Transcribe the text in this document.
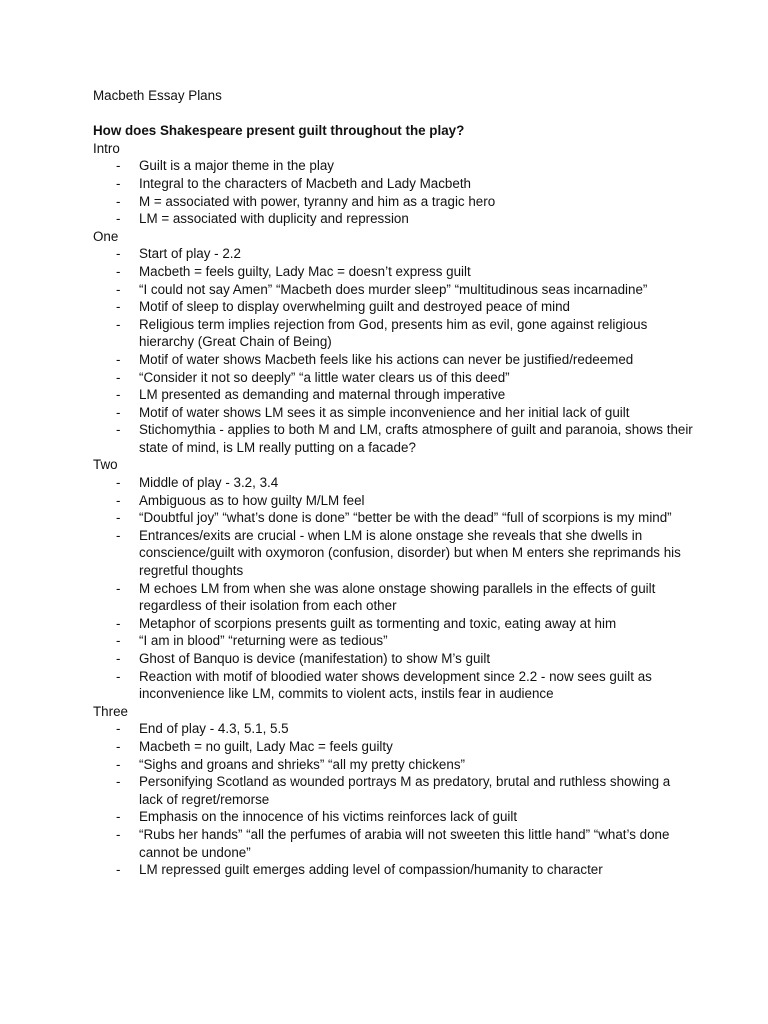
Macbeth Essay Plans

How does Shakespeare present guilt throughout the play?

Intro

- Guilt is a major theme in the play
- Integral to the characters of Macbeth and Lady Macbeth
- M = associated with power, tyranny and him as a tragic hero
- LM = associated with duplicity and repression

One

- Start of play - 2.2
- Macbeth = feels guilty, Lady Mac = doesn’t express guilt
- “I could not say Amen” “Macbeth does murder sleep” “multitudinous seas incarnadine”
- Motif of sleep to display overwhelming guilt and destroyed peace of mind
- Religious term implies rejection from God, presents him as evil, gone against religious hierarchy (Great Chain of Being)
- Motif of water shows Macbeth feels like his actions can never be justified/redeemed
- “Consider it not so deeply” “a little water clears us of this deed”
- LM presented as demanding and maternal through imperative
- Motif of water shows LM sees it as simple inconvenience and her initial lack of guilt
- Stichomythia - applies to both M and LM, crafts atmosphere of guilt and paranoia, shows their state of mind, is LM really putting on a facade?

Two

- Middle of play - 3.2, 3.4
- Ambiguous as to how guilty M/LM feel
- “Doubtful joy” “what’s done is done” “better be with the dead” “full of scorpions is my mind”
- Entrances/exits are crucial - when LM is alone onstage she reveals that she dwells in conscience/guilt with oxymoron (confusion, disorder) but when M enters she reprimands his regretful thoughts
- M echoes LM from when she was alone onstage showing parallels in the effects of guilt regardless of their isolation from each other
- Metaphor of scorpions presents guilt as tormenting and toxic, eating away at him
- “I am in blood” “returning were as tedious”
- Ghost of Banquo is device (manifestation) to show M’s guilt
- Reaction with motif of bloodied water shows development since 2.2 - now sees guilt as inconvenience like LM, commits to violent acts, instils fear in audience

Three

- End of play - 4.3, 5.1, 5.5
- Macbeth = no guilt, Lady Mac = feels guilty
- “Sighs and groans and shrieks” “all my pretty chickens”
- Personifying Scotland as wounded portrays M as predatory, brutal and ruthless showing a lack of regret/remorse
- Emphasis on the innocence of his victims reinforces lack of guilt
- “Rubs her hands” “all the perfumes of arabia will not sweeten this little hand” “what’s done cannot be undone”
- LM repressed guilt emerges adding level of compassion/humanity to character
